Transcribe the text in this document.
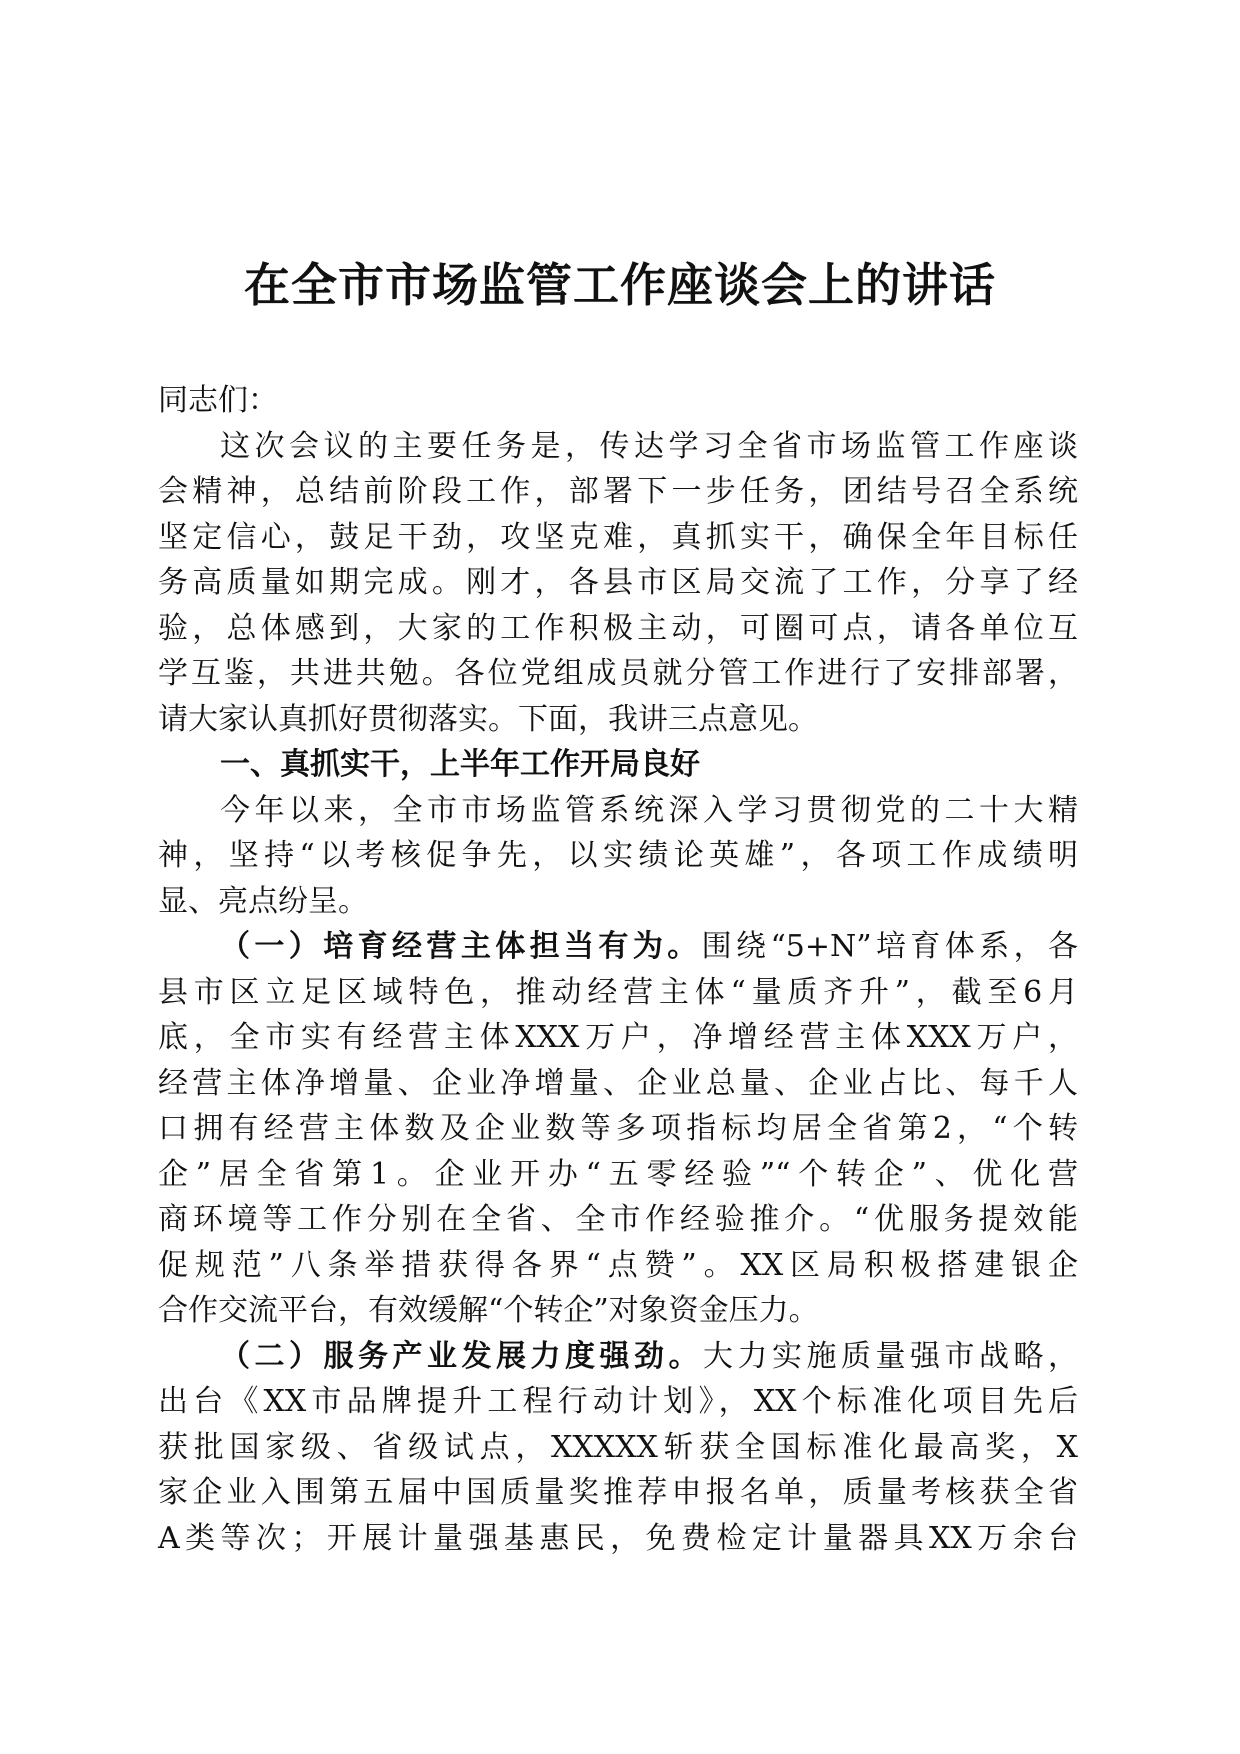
在全市市场监管工作座谈会上的讲话
同志们：
这次会议的主要任务是，传达学习全省市场监管工作座谈
会精神，总结前阶段工作，部署下一步任务，团结号召全系统
坚定信心，鼓足干劲，攻坚克难，真抓实干，确保全年目标任
务高质量如期完成。刚才，各县市区局交流了工作，分享了经
验，总体感到，大家的工作积极主动，可圈可点，请各单位互
学互鉴，共进共勉。各位党组成员就分管工作进行了安排部署，
请大家认真抓好贯彻落实。下面，我讲三点意见。
一、真抓实干，上半年工作开局良好
今年以来，全市市场监管系统深入学习贯彻党的二十大精
神，坚持“以考核促争先，以实绩论英雄”，各项工作成绩明
显、亮点纷呈。
（一）培育经营主体担当有为。围绕“5+N”培育体系，各
县市区立足区域特色，推动经营主体“量质齐升”，截至6月
底，全市实有经营主体XXX万户，净增经营主体XXX万户，
经营主体净增量、企业净增量、企业总量、企业占比、每千人
口拥有经营主体数及企业数等多项指标均居全省第2，“个转
企”居全省第1。企业开办“五零经验”“个转企”、优化营
商环境等工作分别在全省、全市作经验推介。“优服务提效能
促规范”八条举措获得各界“点赞”。XX区局积极搭建银企
合作交流平台，有效缓解“个转企”对象资金压力。
（二）服务产业发展力度强劲。大力实施质量强市战略，
出台《XX市品牌提升工程行动计划》，XX个标准化项目先后
获批国家级、省级试点，XXXXX斩获全国标准化最高奖，X
家企业入围第五届中国质量奖推荐申报名单，质量考核获全省
A类等次；开展计量强基惠民，免费检定计量器具XX万余台
